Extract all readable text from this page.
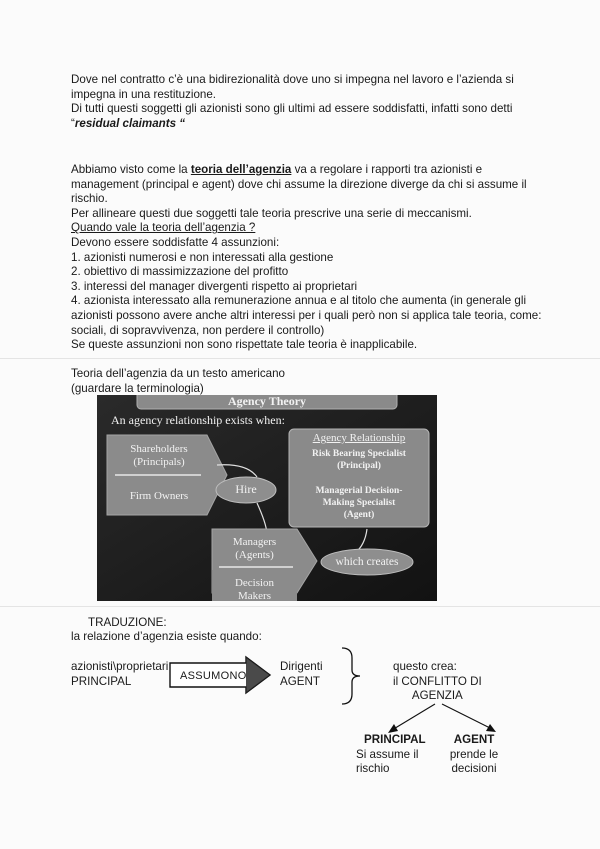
Dove nel contratto c’è una bidirezionalità dove uno si impegna nel lavoro e l’azienda si
impegna in una restituzione.
Di tutti questi soggetti gli azionisti sono gli ultimi ad essere soddisfatti, infatti sono detti
“residual claimants “

Abbiamo visto come la teoria dell’agenzia va a regolare i rapporti tra azionisti e
management (principal e agent) dove chi assume la direzione diverge da chi si assume il
rischio.
Per allineare questi due soggetti tale teoria prescrive una serie di meccanismi.
Quando vale la teoria dell’agenzia ?
Devono essere soddisfatte 4 assunzioni:
1. azionisti numerosi e non interessati alla gestione
2. obiettivo di massimizzazione del profitto
3. interessi del manager divergenti rispetto ai proprietari
4. azionista interessato alla remunerazione annua e al titolo che aumenta (in generale gli
azionisti possono avere anche altri interessi per i quali però non si applica tale teoria, come:
sociali, di sopravvivenza, non perdere il controllo)
Se queste assunzioni non sono rispettate tale teoria è inapplicabile.

Teoria dell’agenzia da un testo americano
(guardare la terminologia)

Agency Theory
An agency relationship exists when:
Shareholders
(Principals)
Firm Owners	Hire
Agency Relationship
Risk Bearing Specialist
(Principal)
Managerial Decision-
Making Specialist
(Agent)
Managers
(Agents)
Decision
Makers
which creates
TRADUZIONE:
la relazione d’agenzia esiste quando:
azionisti\proprietari
PRINCIPAL	ASSUMONO
Dirigenti
AGENT
questo crea:
il CONFLITTO DI
AGENZIA
PRINCIPAL
Si assume il
rischio
AGENT
prende le
decisioni
